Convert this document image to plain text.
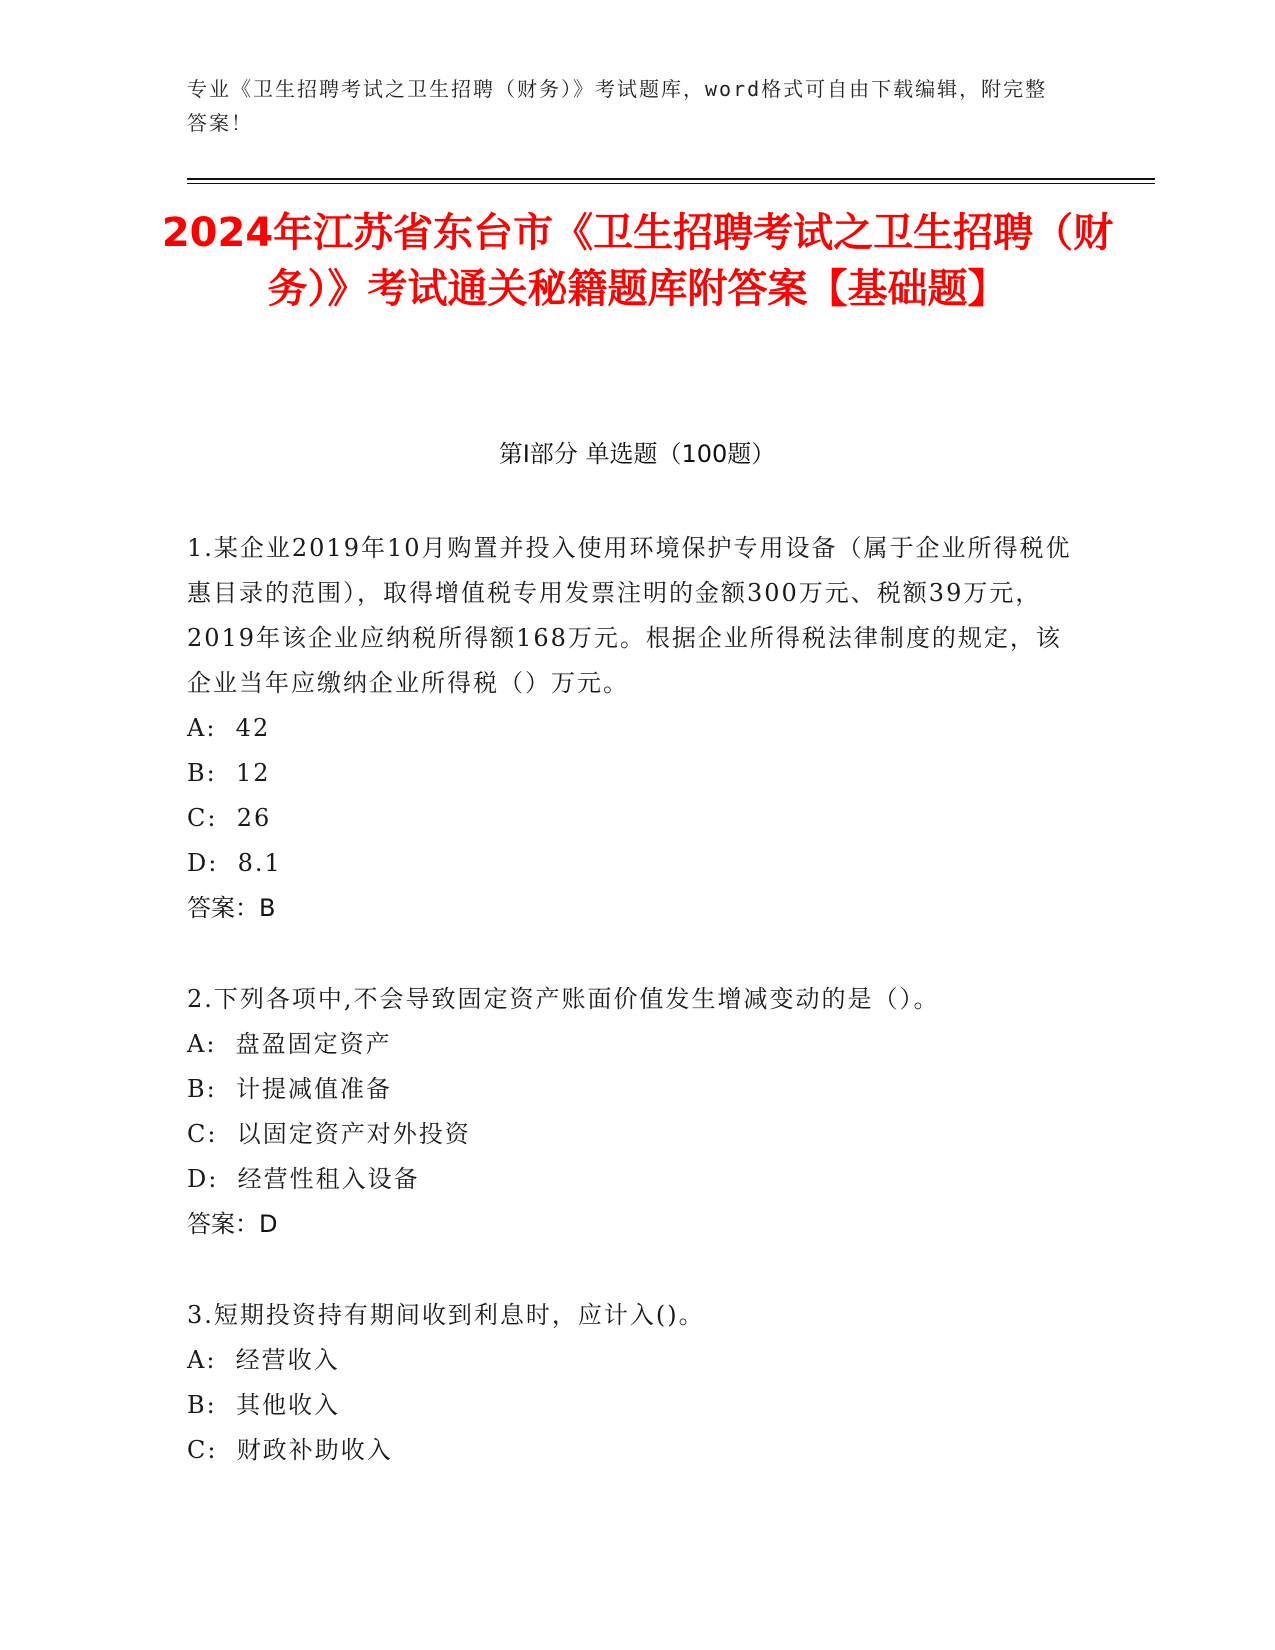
专业《卫生招聘考试之卫生招聘（财务）》考试题库，word格式可自由下载编辑，附完整答案！
2024年江苏省东台市《卫生招聘考试之卫生招聘（财务）》考试通关秘籍题库附答案【基础题】
第I部分 单选题（100题）

1.某企业2019年10月购置并投入使用环境保护专用设备（属于企业所得税优惠目录的范围），取得增值税专用发票注明的金额300万元、税额39万元，2019年该企业应纳税所得额168万元。根据企业所得税法律制度的规定，该企业当年应缴纳企业所得税（）万元。

A:  42
B:  12
C:  26
D:  8.1
答案：B

2.下列各项中,不会导致固定资产账面价值发生增减变动的是（）。

A:  盘盈固定资产
B:  计提减值准备
C:  以固定资产对外投资
D:  经营性租入设备
答案：D

3.短期投资持有期间收到利息时，应计入()。

A:  经营收入
B:  其他收入
C:  财政补助收入
